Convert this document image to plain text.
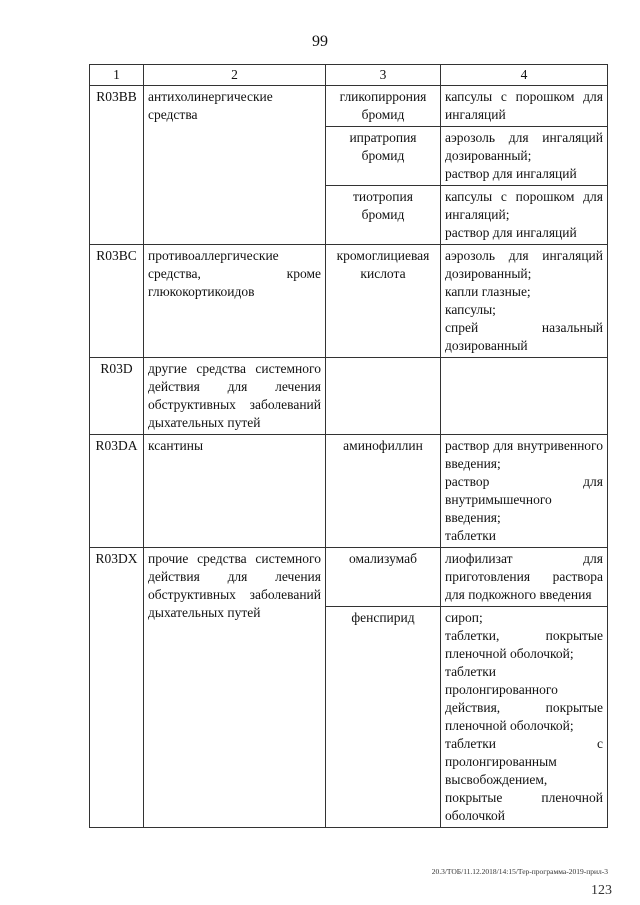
99
1	2	3	4
R03BB	антихолинергические средства	гликопиррония бромид	капсулы с порошком для ингаляций

		ипратропия бромид	аэрозоль для ингаляций дозированный;
раствор для ингаляций

		тиотропия бромид	капсулы с порошком для ингаляций;
раствор для ингаляций

R03BC	противоаллергические средства, кроме глюкокортикоидов	кромоглициевая кислота	аэрозоль для ингаляций дозированный;
капли глазные;
капсулы;
спрей назальный дозированный

R03D	другие средства системного действия для лечения обструктивных заболеваний дыхательных путей		
R03DA	ксантины	аминофиллин	раствор для внутривенного введения;
раствор для внутримышечного введения;
таблетки

R03DX	прочие средства системного действия для лечения обструктивных заболеваний дыхательных путей	омализумаб	лиофилизат для приготовления раствора для подкожного введения

		фенспирид	сироп;
таблетки, покрытые пленочной оболочкой;
таблетки пролонгированного действия, покрытые пленочной оболочкой;
таблетки с пролонгированным высвобождением, покрытые пленочной оболочкой
20.3/ТОБ/11.12.2018/14:15/Тер-программа-2019-прил-3
123
